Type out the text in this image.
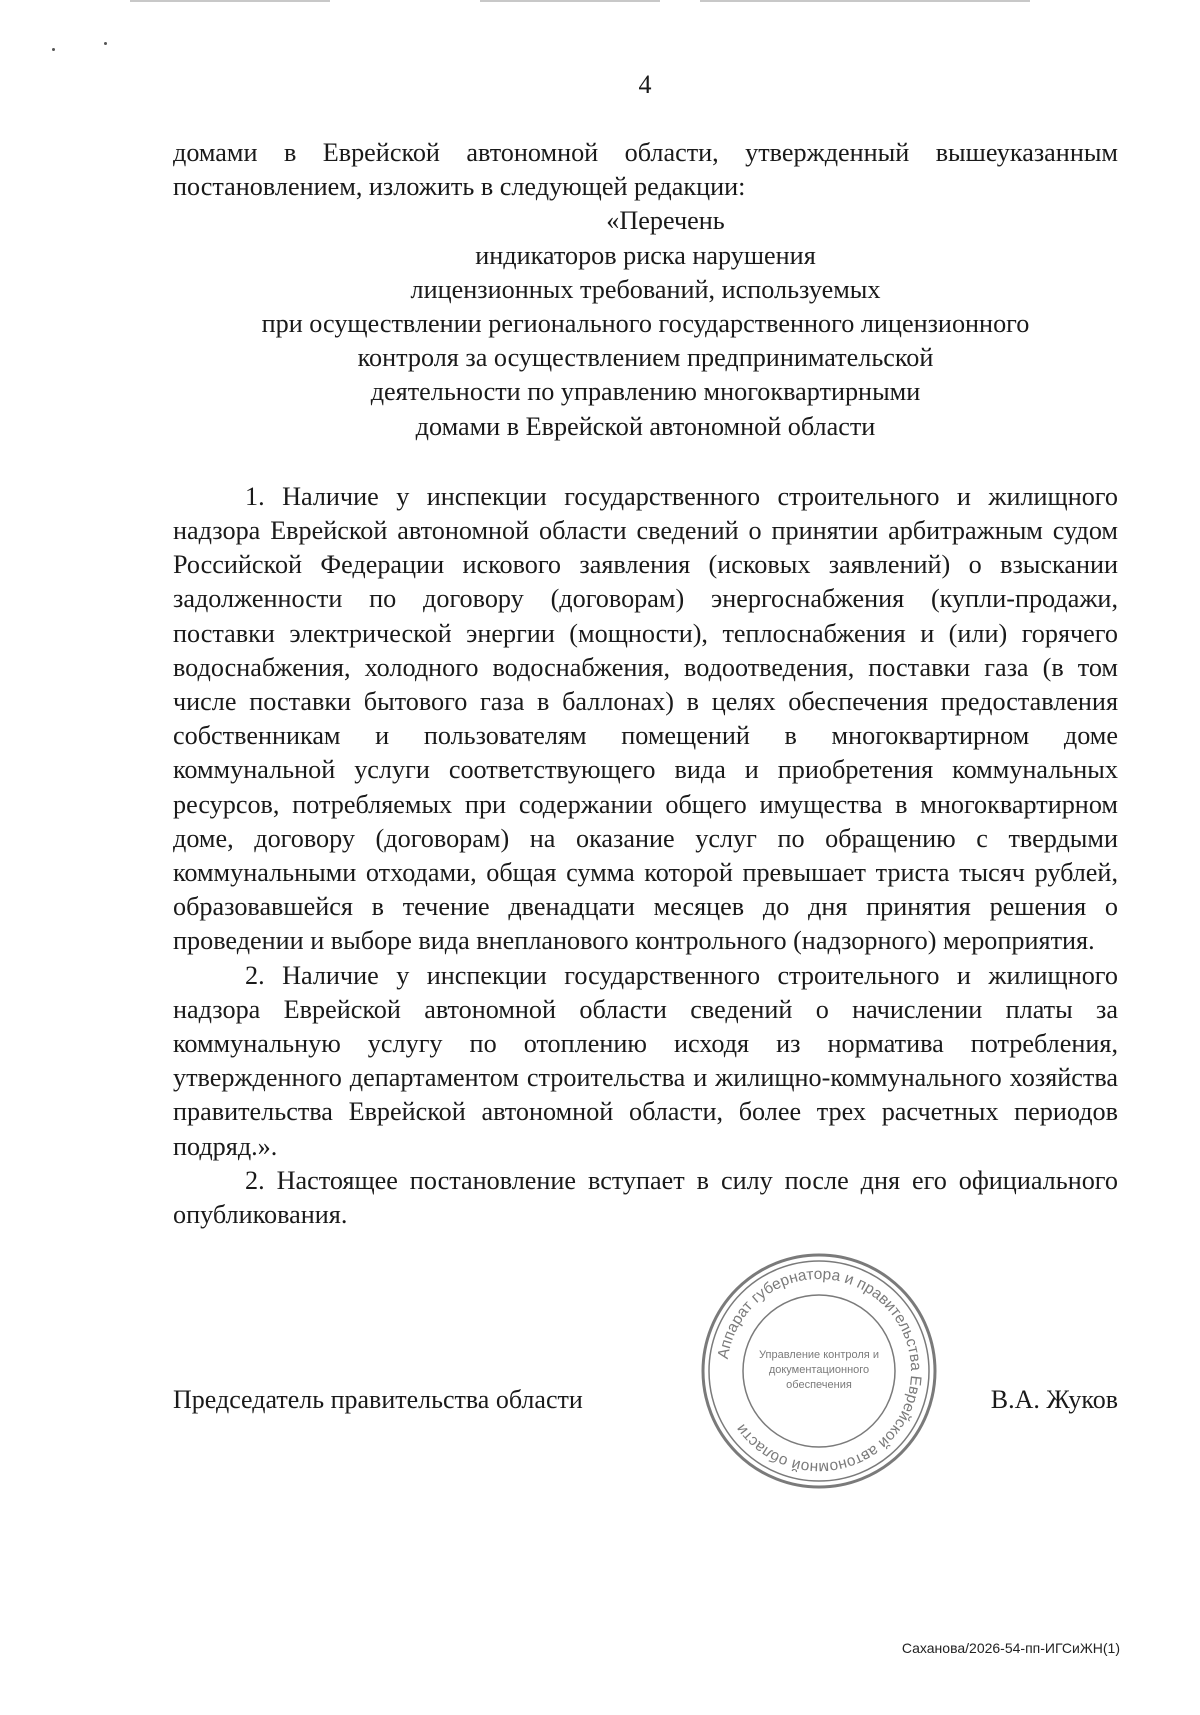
4

домами в Еврейской автономной области, утвержденный вышеуказанным постановлением, изложить в следующей редакции:

«Перечень
индикаторов риска нарушения
лицензионных требований, используемых
при осуществлении регионального государственного лицензионного
контроля за осуществлением предпринимательской
деятельности по управлению многоквартирными
домами в Еврейской автономной области

1. Наличие у инспекции государственного строительного и жилищного надзора Еврейской автономной области сведений о принятии арбитражным судом Российской Федерации искового заявления (исковых заявлений) о взыскании задолженности по договору (договорам) энергоснабжения (купли-продажи, поставки электрической энергии (мощности), теплоснабжения и (или) горячего водоснабжения, холодного водоснабжения, водоотведения, поставки газа (в том числе поставки бытового газа в баллонах) в целях обеспечения предоставления собственникам и пользователям помещений в многоквартирном доме коммунальной услуги соответствующего вида и приобретения коммунальных ресурсов, потребляемых при содержании общего имущества в многоквартирном доме, договору (договорам) на оказание услуг по обращению с твердыми коммунальными отходами, общая сумма которой превышает триста тысяч рублей, образовавшейся в течение двенадцати месяцев до дня принятия решения о проведении и выборе вида внепланового контрольного (надзорного) мероприятия.

2. Наличие у инспекции государственного строительного и жилищного надзора Еврейской автономной области сведений о начислении платы за коммунальную услугу по отоплению исходя из норматива потребления, утвержденного департаментом строительства и жилищно-коммунального хозяйства правительства Еврейской автономной области, более трех расчетных периодов подряд.».

2. Настоящее постановление вступает в силу после дня его официального опубликования.

Аппарат губернатора и правительства Еврейской автономной области
Управление контроля и
документационного
обеспечения
Председатель правительства области	В.А. Жуков
Саханова/2026-54-пп-ИГСиЖН(1)
